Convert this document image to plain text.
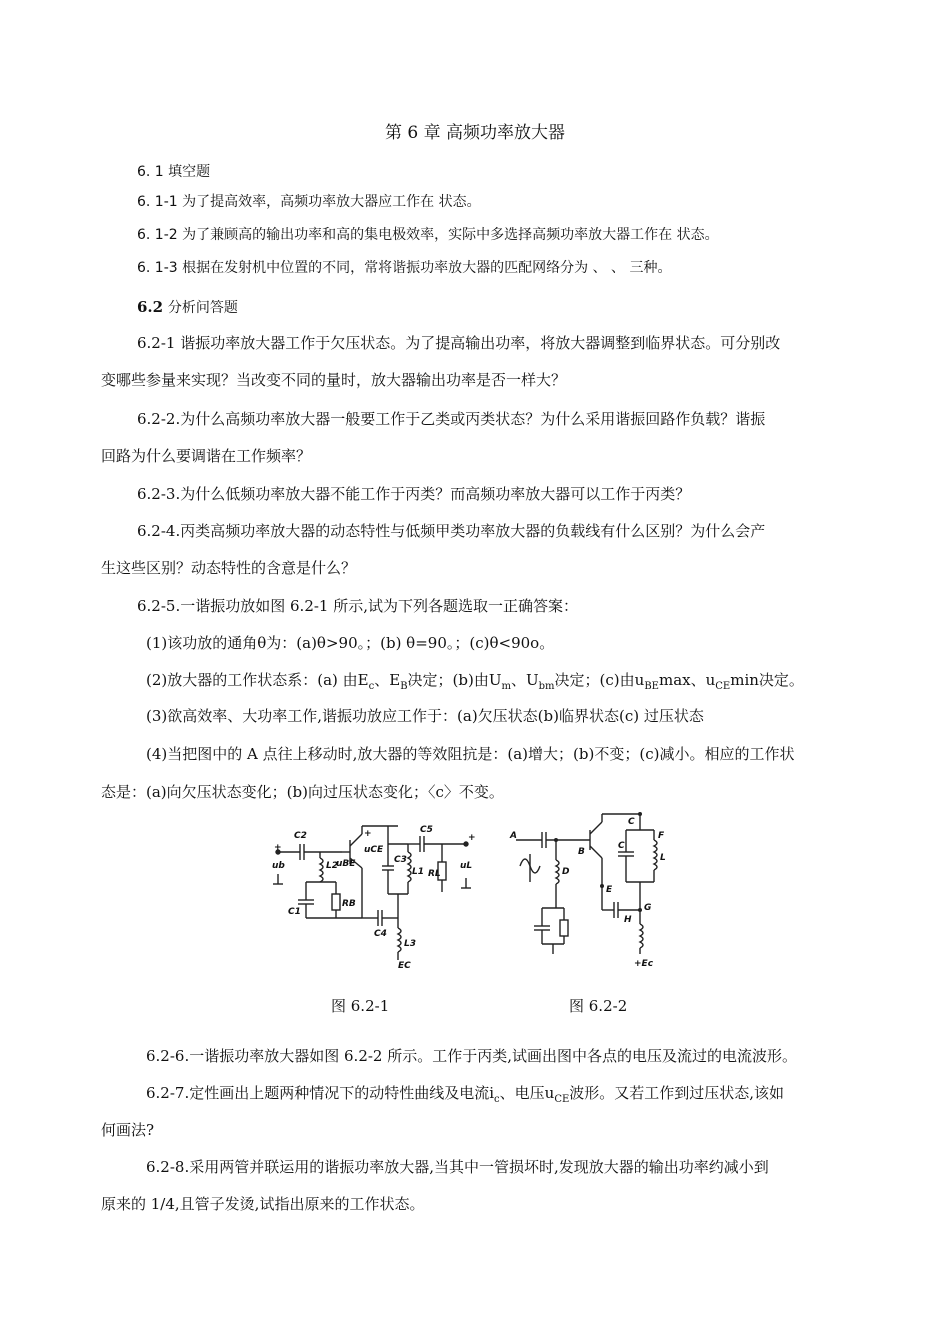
第 6 章 高频功率放大器
6. 1 填空题
6. 1-1 为了提高效率，高频功率放大器应工作在 状态。
6. 1-2 为了兼顾高的输出功率和高的集电极效率，实际中多选择高频功率放大器工作在 状态。
6. 1-3 根据在发射机中位置的不同，常将谐振功率放大器的匹配网络分为 、 、 三种。
6.2 分析问答题
6.2-1 谐振功率放大器工作于欠压状态。为了提高输出功率，将放大器调整到临界状态。可分别改
变哪些参量来实现？当改变不同的量时，放大器输出功率是否一样大？
6.2-2.为什么高频功率放大器一般要工作于乙类或丙类状态？为什么采用谐振回路作负载？谐振
回路为什么要调谐在工作频率？
6.2-3.为什么低频功率放大器不能工作于丙类？而高频功率放大器可以工作于丙类？
6.2-4.丙类高频功率放大器的动态特性与低频甲类功率放大器的负载线有什么区别？为什么会产
生这些区别？动态特性的含意是什么？
6.2-5.一谐振功放如图 6.2-1 所示,试为下列各题选取一正确答案：
(1)该功放的通角θ为：(a)θ>90。；(b) θ=90。；(c)θ<90o。
(2)放大器的工作状态系：(a) 由$E_c$、$E_B$决定；(b)由$U_m$、$U_{bm}$决定；(c)由$u_{BE}\max$、$u_{CE}\min$决定。
(3)欲高效率、大功率工作,谐振功放应工作于：(a)欠压状态(b)临界状态(c) 过压状态
(4)当把图中的 A 点往上移动时,放大器的等效阻抗是：(a)增大；(b)不变；(c)减小。相应的工作状
态是：(a)向欠压状态变化；(b)向过压状态变化；〈c〉不变。
C2
L2
uBE
uCE
C1
RB
C3
L1
C5
RL
uL
C4
L3
EC
+
+	+
ub
A
B
C
F
C
L
D
E
G
H
+Ec
图 6.2-1	图 6.2-2
6.2-6.一谐振功率放大器如图 6.2-2 所示。工作于丙类,试画出图中各点的电压及流过的电流波形。
6.2-7.定性画出上题两种情况下的动特性曲线及电流$i_c$、电压$u_{CE}$波形。又若工作到过压状态,该如
何画法?
6.2-8.采用两管并联运用的谐振功率放大器,当其中一管损坏时,发现放大器的输出功率约减小到
原来的 1/4,且管子发烫,试指出原来的工作状态。
